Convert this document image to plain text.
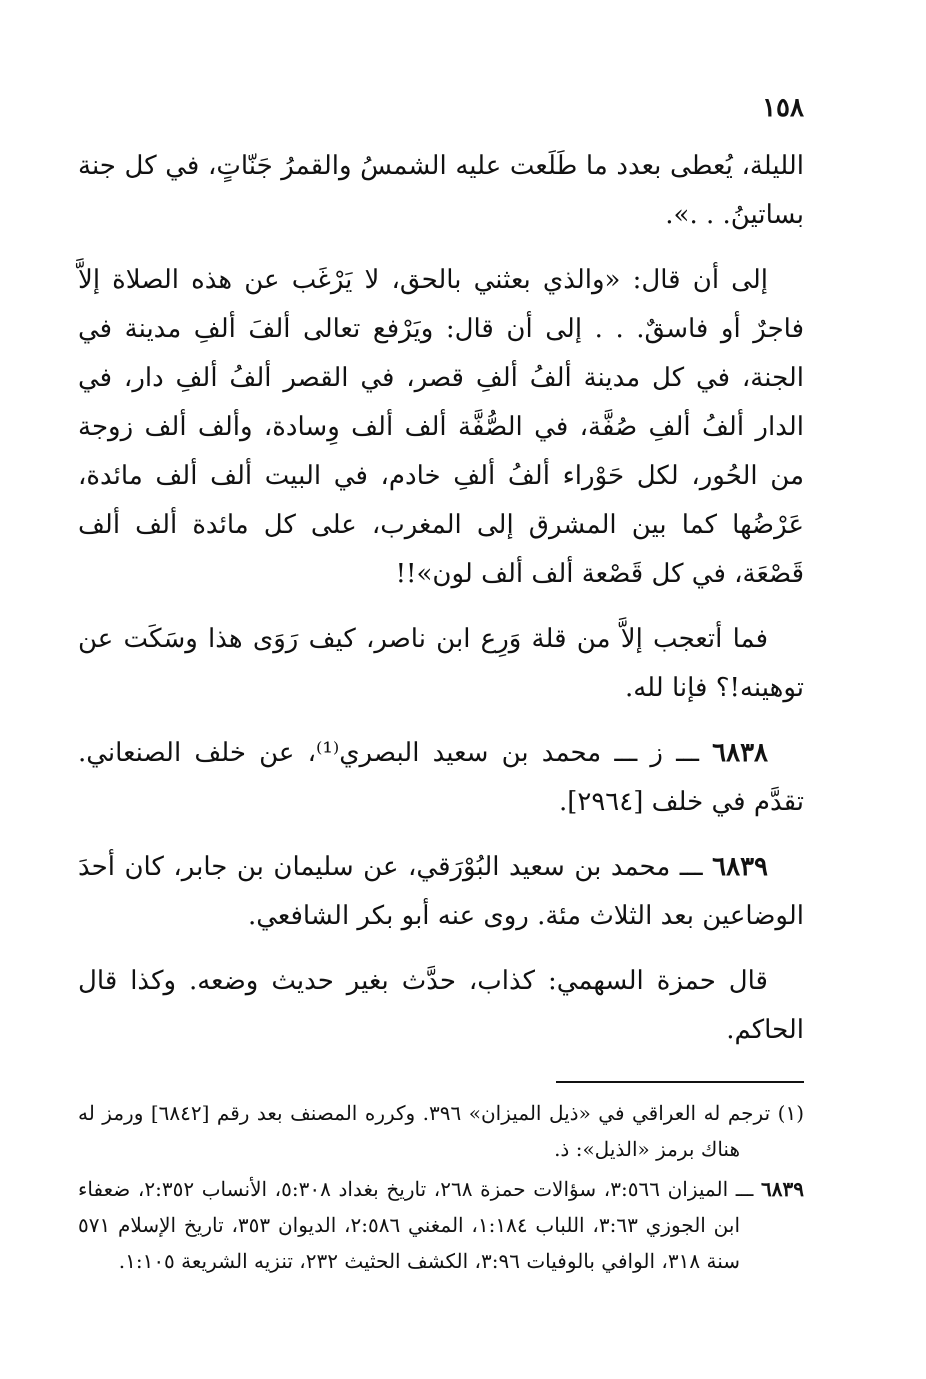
١٥٨

الليلة، يُعطى بعدد ما طَلَعت عليه الشمسُ والقمرُ جَنّاتٍ، في كل جنة بساتينُ. . .».

إلى أن قال: «والذي بعثني بالحق، لا يَرْغَب عن هذه الصلاة إلاَّ فاجرٌ أو فاسقٌ. . . إلى أن قال: ويَرْفع تعالى ألفَ ألفِ مدينة في الجنة، في كل مدينة ألفُ ألفِ قصر، في القصر ألفُ ألفِ دار، في الدار ألفُ ألفِ صُفَّة، في الصُّفَّة ألف ألف وِسادة، وألف ألف زوجة من الحُور، لكل حَوْراء ألفُ ألفِ خادم، في البيت ألف ألف مائدة، عَرْضُها كما بين المشرق إلى المغرب، على كل مائدة ألف ألف قَصْعَة، في كل قَصْعة ألف ألف لون»!!

فما أتعجب إلاَّ من قلة وَرِع ابن ناصر، كيف رَوَى هذا وسَكَت عن توهينه!؟ فإنا لله.

٦٨٣٨ ـــ ز ـــ محمد بن سعيد البصري⁽¹⁾، عن خلف الصنعاني. تقدَّم في خلف [٢٩٦٤].

٦٨٣٩ ـــ محمد بن سعيد البُوْرَقي، عن سليمان بن جابر، كان أحدَ الوضاعين بعد الثلاث مئة. روى عنه أبو بكر الشافعي.

قال حمزة السهمي: كذاب، حدَّث بغير حديث وضعه. وكذا قال الحاكم.

(١) ترجم له العراقي في «ذيل الميزان» ٣٩٦. وكرره المصنف بعد رقم [٦٨٤٢] ورمز له هناك برمز «الذيل»: ذ.

٦٨٣٩ ـــ الميزان ٣:٥٦٦، سؤالات حمزة ٢٦٨، تاريخ بغداد ٥:٣٠٨، الأنساب ٢:٣٥٢، ضعفاء ابن الجوزي ٣:٦٣، اللباب ١:١٨٤، المغني ٢:٥٨٦، الديوان ٣٥٣، تاريخ الإسلام ٥٧١ سنة ٣١٨، الوافي بالوفيات ٣:٩٦، الكشف الحثيث ٢٣٢، تنزيه الشريعة ١:١٠٥.
